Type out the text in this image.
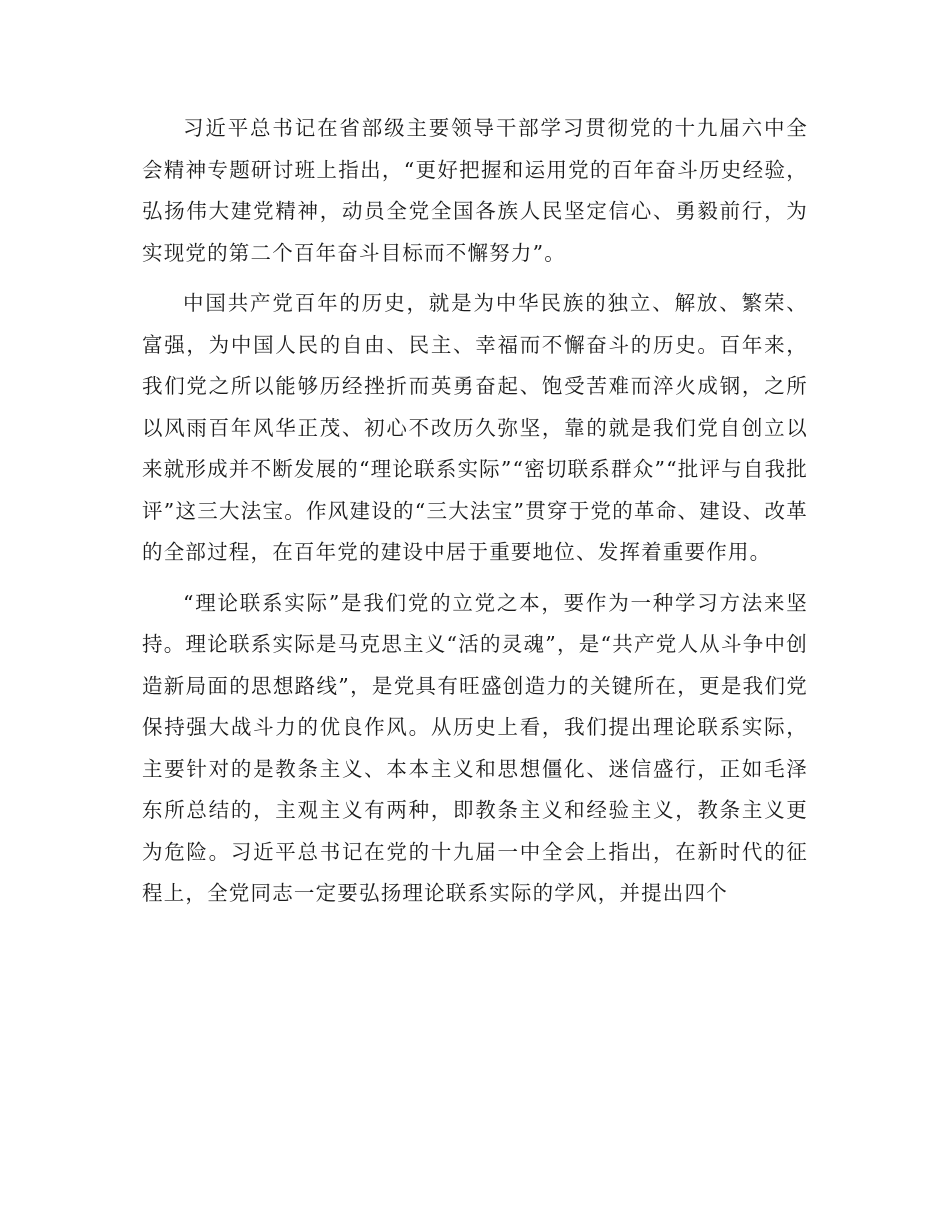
习近平总书记在省部级主要领导干部学习贯彻党的十九届六中全会精神专题研讨班上指出，“更好把握和运用党的百年奋斗历史经验，弘扬伟大建党精神，动员全党全国各族人民坚定信心、勇毅前行，为实现党的第二个百年奋斗目标而不懈努力”。

中国共产党百年的历史，就是为中华民族的独立、解放、繁荣、富强，为中国人民的自由、民主、幸福而不懈奋斗的历史。百年来，我们党之所以能够历经挫折而英勇奋起、饱受苦难而淬火成钢，之所以风雨百年风华正茂、初心不改历久弥坚，靠的就是我们党自创立以来就形成并不断发展的“理论联系实际”“密切联系群众”“批评与自我批评”这三大法宝。作风建设的“三大法宝”贯穿于党的革命、建设、改革的全部过程，在百年党的建设中居于重要地位、发挥着重要作用。

“理论联系实际”是我们党的立党之本，要作为一种学习方法来坚持。理论联系实际是马克思主义“活的灵魂”，是“共产党人从斗争中创造新局面的思想路线”，是党具有旺盛创造力的关键所在，更是我们党保持强大战斗力的优良作风。从历史上看，我们提出理论联系实际，主要针对的是教条主义、本本主义和思想僵化、迷信盛行，正如毛泽东所总结的，主观主义有两种，即教条主义和经验主义，教条主义更为危险。习近平总书记在党的十九届一中全会上指出，在新时代的征程上，全党同志一定要弘扬理论联系实际的学风，并提出四个
